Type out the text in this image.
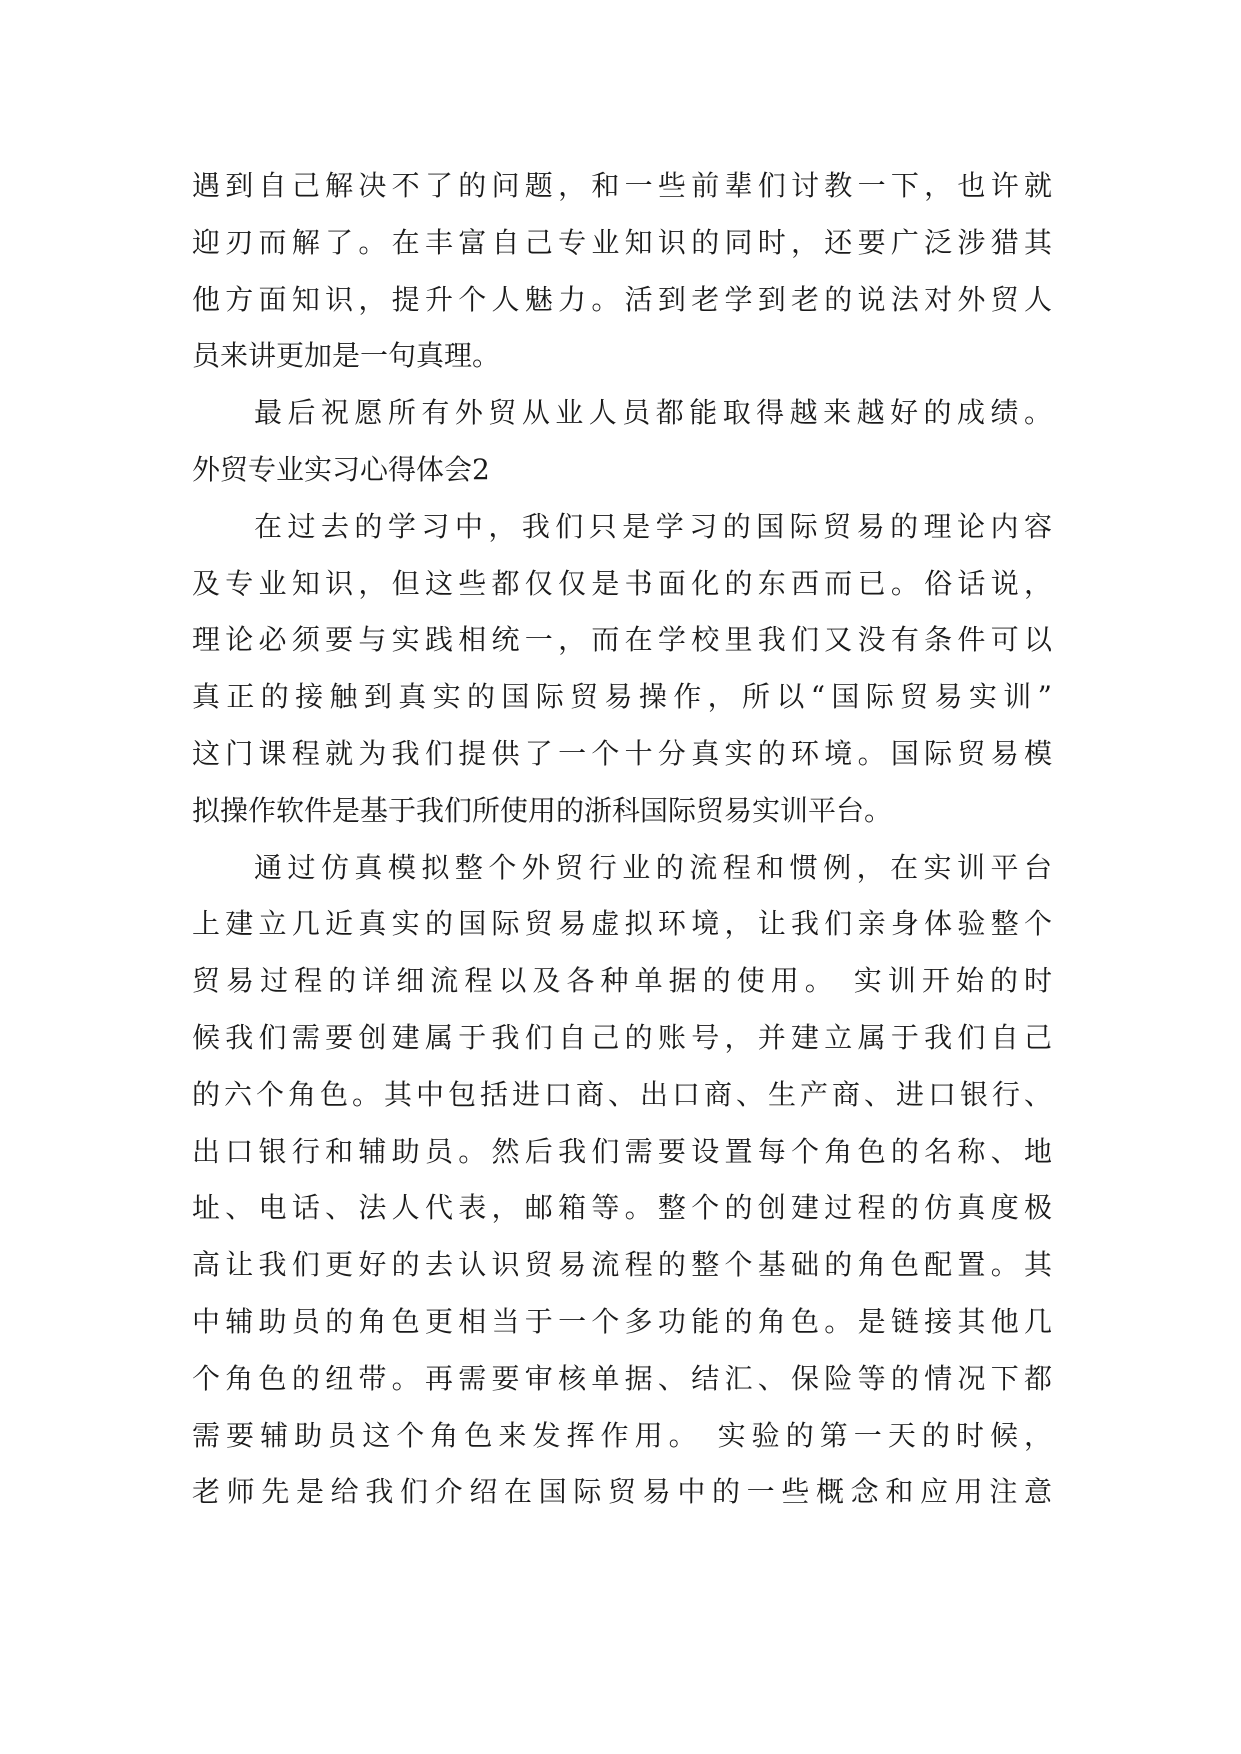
遇到自己解决不了的问题，和一些前辈们讨教一下，也许就
迎刃而解了。在丰富自己专业知识的同时，还要广泛涉猎其
他方面知识，提升个人魅力。活到老学到老的说法对外贸人
员来讲更加是一句真理。
最后祝愿所有外贸从业人员都能取得越来越好的成绩。
外贸专业实习心得体会2
在过去的学习中，我们只是学习的国际贸易的理论内容
及专业知识，但这些都仅仅是书面化的东西而已。俗话说，
理论必须要与实践相统一，而在学校里我们又没有条件可以
真正的接触到真实的国际贸易操作，所以“国际贸易实训”
这门课程就为我们提供了一个十分真实的环境。国际贸易模
拟操作软件是基于我们所使用的浙科国际贸易实训平台。
通过仿真模拟整个外贸行业的流程和惯例，在实训平台
上建立几近真实的国际贸易虚拟环境，让我们亲身体验整个
贸易过程的详细流程以及各种单据的使用。 实训开始的时
候我们需要创建属于我们自己的账号，并建立属于我们自己
的六个角色。其中包括进口商、出口商、生产商、进口银行、
出口银行和辅助员。然后我们需要设置每个角色的名称、地
址、电话、法人代表，邮箱等。整个的创建过程的仿真度极
高让我们更好的去认识贸易流程的整个基础的角色配置。其
中辅助员的角色更相当于一个多功能的角色。是链接其他几
个角色的纽带。再需要审核单据、结汇、保险等的情况下都
需要辅助员这个角色来发挥作用。 实验的第一天的时候，
老师先是给我们介绍在国际贸易中的一些概念和应用注意
